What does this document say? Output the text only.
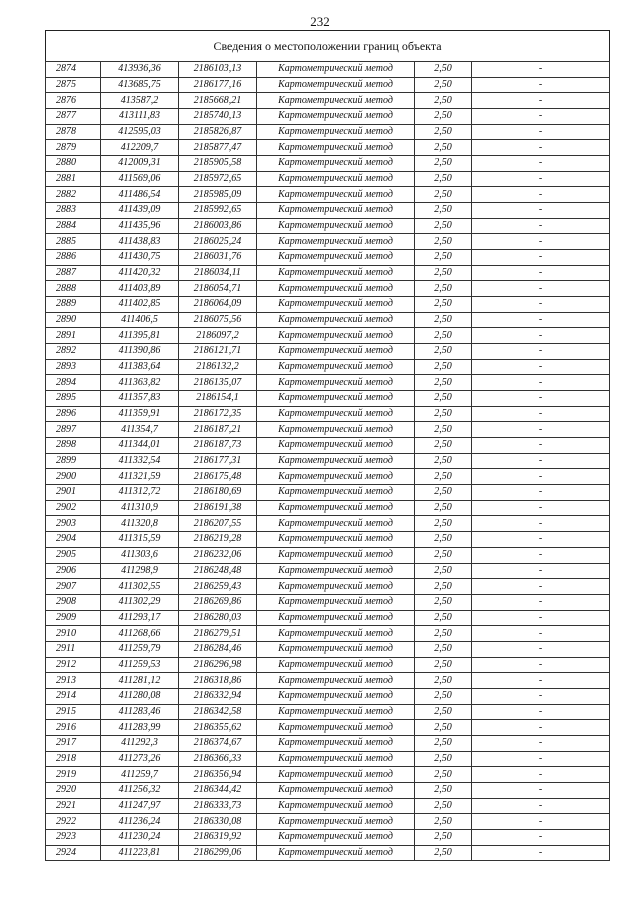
232
Сведения о местоположении границ объекта
2874	413936,36	2186103,13	Картометрический метод	2,50	-
2875	413685,75	2186177,16	Картометрический метод	2,50	-
2876	413587,2	2185668,21	Картометрический метод	2,50	-
2877	413111,83	2185740,13	Картометрический метод	2,50	-
2878	412595,03	2185826,87	Картометрический метод	2,50	-
2879	412209,7	2185877,47	Картометрический метод	2,50	-
2880	412009,31	2185905,58	Картометрический метод	2,50	-
2881	411569,06	2185972,65	Картометрический метод	2,50	-
2882	411486,54	2185985,09	Картометрический метод	2,50	-
2883	411439,09	2185992,65	Картометрический метод	2,50	-
2884	411435,96	2186003,86	Картометрический метод	2,50	-
2885	411438,83	2186025,24	Картометрический метод	2,50	-
2886	411430,75	2186031,76	Картометрический метод	2,50	-
2887	411420,32	2186034,11	Картометрический метод	2,50	-
2888	411403,89	2186054,71	Картометрический метод	2,50	-
2889	411402,85	2186064,09	Картометрический метод	2,50	-
2890	411406,5	2186075,56	Картометрический метод	2,50	-
2891	411395,81	2186097,2	Картометрический метод	2,50	-
2892	411390,86	2186121,71	Картометрический метод	2,50	-
2893	411383,64	2186132,2	Картометрический метод	2,50	-
2894	411363,82	2186135,07	Картометрический метод	2,50	-
2895	411357,83	2186154,1	Картометрический метод	2,50	-
2896	411359,91	2186172,35	Картометрический метод	2,50	-
2897	411354,7	2186187,21	Картометрический метод	2,50	-
2898	411344,01	2186187,73	Картометрический метод	2,50	-
2899	411332,54	2186177,31	Картометрический метод	2,50	-
2900	411321,59	2186175,48	Картометрический метод	2,50	-
2901	411312,72	2186180,69	Картометрический метод	2,50	-
2902	411310,9	2186191,38	Картометрический метод	2,50	-
2903	411320,8	2186207,55	Картометрический метод	2,50	-
2904	411315,59	2186219,28	Картометрический метод	2,50	-
2905	411303,6	2186232,06	Картометрический метод	2,50	-
2906	411298,9	2186248,48	Картометрический метод	2,50	-
2907	411302,55	2186259,43	Картометрический метод	2,50	-
2908	411302,29	2186269,86	Картометрический метод	2,50	-
2909	411293,17	2186280,03	Картометрический метод	2,50	-
2910	411268,66	2186279,51	Картометрический метод	2,50	-
2911	411259,79	2186284,46	Картометрический метод	2,50	-
2912	411259,53	2186296,98	Картометрический метод	2,50	-
2913	411281,12	2186318,86	Картометрический метод	2,50	-
2914	411280,08	2186332,94	Картометрический метод	2,50	-
2915	411283,46	2186342,58	Картометрический метод	2,50	-
2916	411283,99	2186355,62	Картометрический метод	2,50	-
2917	411292,3	2186374,67	Картометрический метод	2,50	-
2918	411273,26	2186366,33	Картометрический метод	2,50	-
2919	411259,7	2186356,94	Картометрический метод	2,50	-
2920	411256,32	2186344,42	Картометрический метод	2,50	-
2921	411247,97	2186333,73	Картометрический метод	2,50	-
2922	411236,24	2186330,08	Картометрический метод	2,50	-
2923	411230,24	2186319,92	Картометрический метод	2,50	-
2924	411223,81	2186299,06	Картометрический метод	2,50	-
